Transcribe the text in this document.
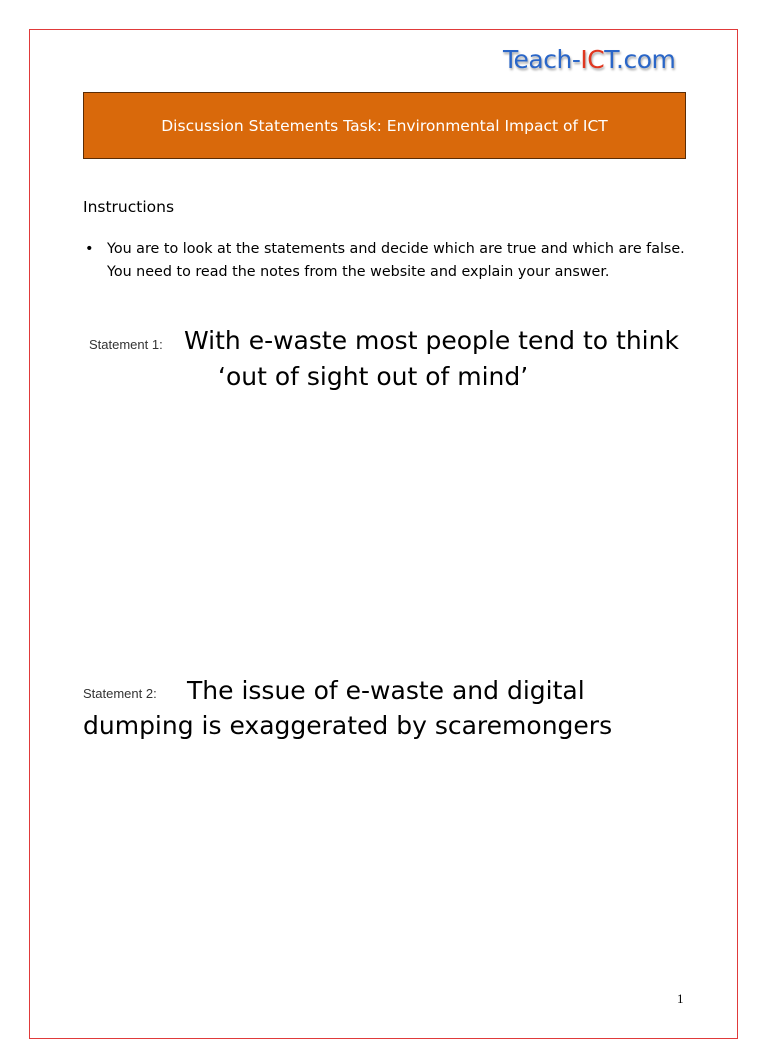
Teach-ICT.com
Discussion Statements Task: Environmental Impact of ICT
Instructions
• You are to look at the statements and decide which are true and which are false. You need to read the notes from the website and explain your answer.
Statement 1: With e-waste most people tend to think
‘out of sight out of mind’
Statement 2: The issue of e-waste and digital
dumping is exaggerated by scaremongers
1
